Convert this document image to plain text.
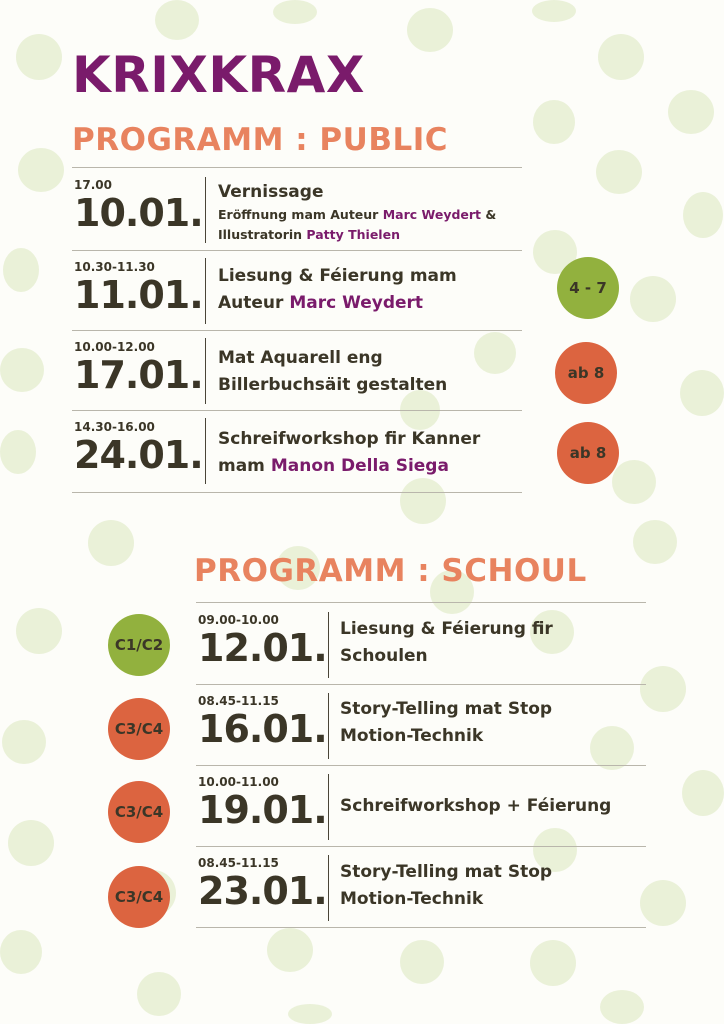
KRIXKRAX
PROGRAMM : PUBLIC
17.00
10.01. Vernissage
Eröffnung mam Auteur Marc Weydert &
Illustratorin Patty Thielen
10.30-11.30
11.01. Liesung & Féierung mam
Auteur Marc Weydert
4 - 7
10.00-12.00
17.01. Mat Aquarell eng
Billerbuchsäit gestalten
ab 8
14.30-16.00
24.01. Schreifworkshop fir Kanner
mam Manon Della Siega
ab 8
PROGRAMM : SCHOUL
C1/C2
09.00-10.00
12.01. Liesung & Féierung fir
Schoulen
C3/C4
08.45-11.15
16.01. Story-Telling mat Stop
Motion-Technik
C3/C4
10.00-11.00
19.01. Schreifworkshop + Féierung
C3/C4
08.45-11.15
23.01. Story-Telling mat Stop
Motion-Technik
